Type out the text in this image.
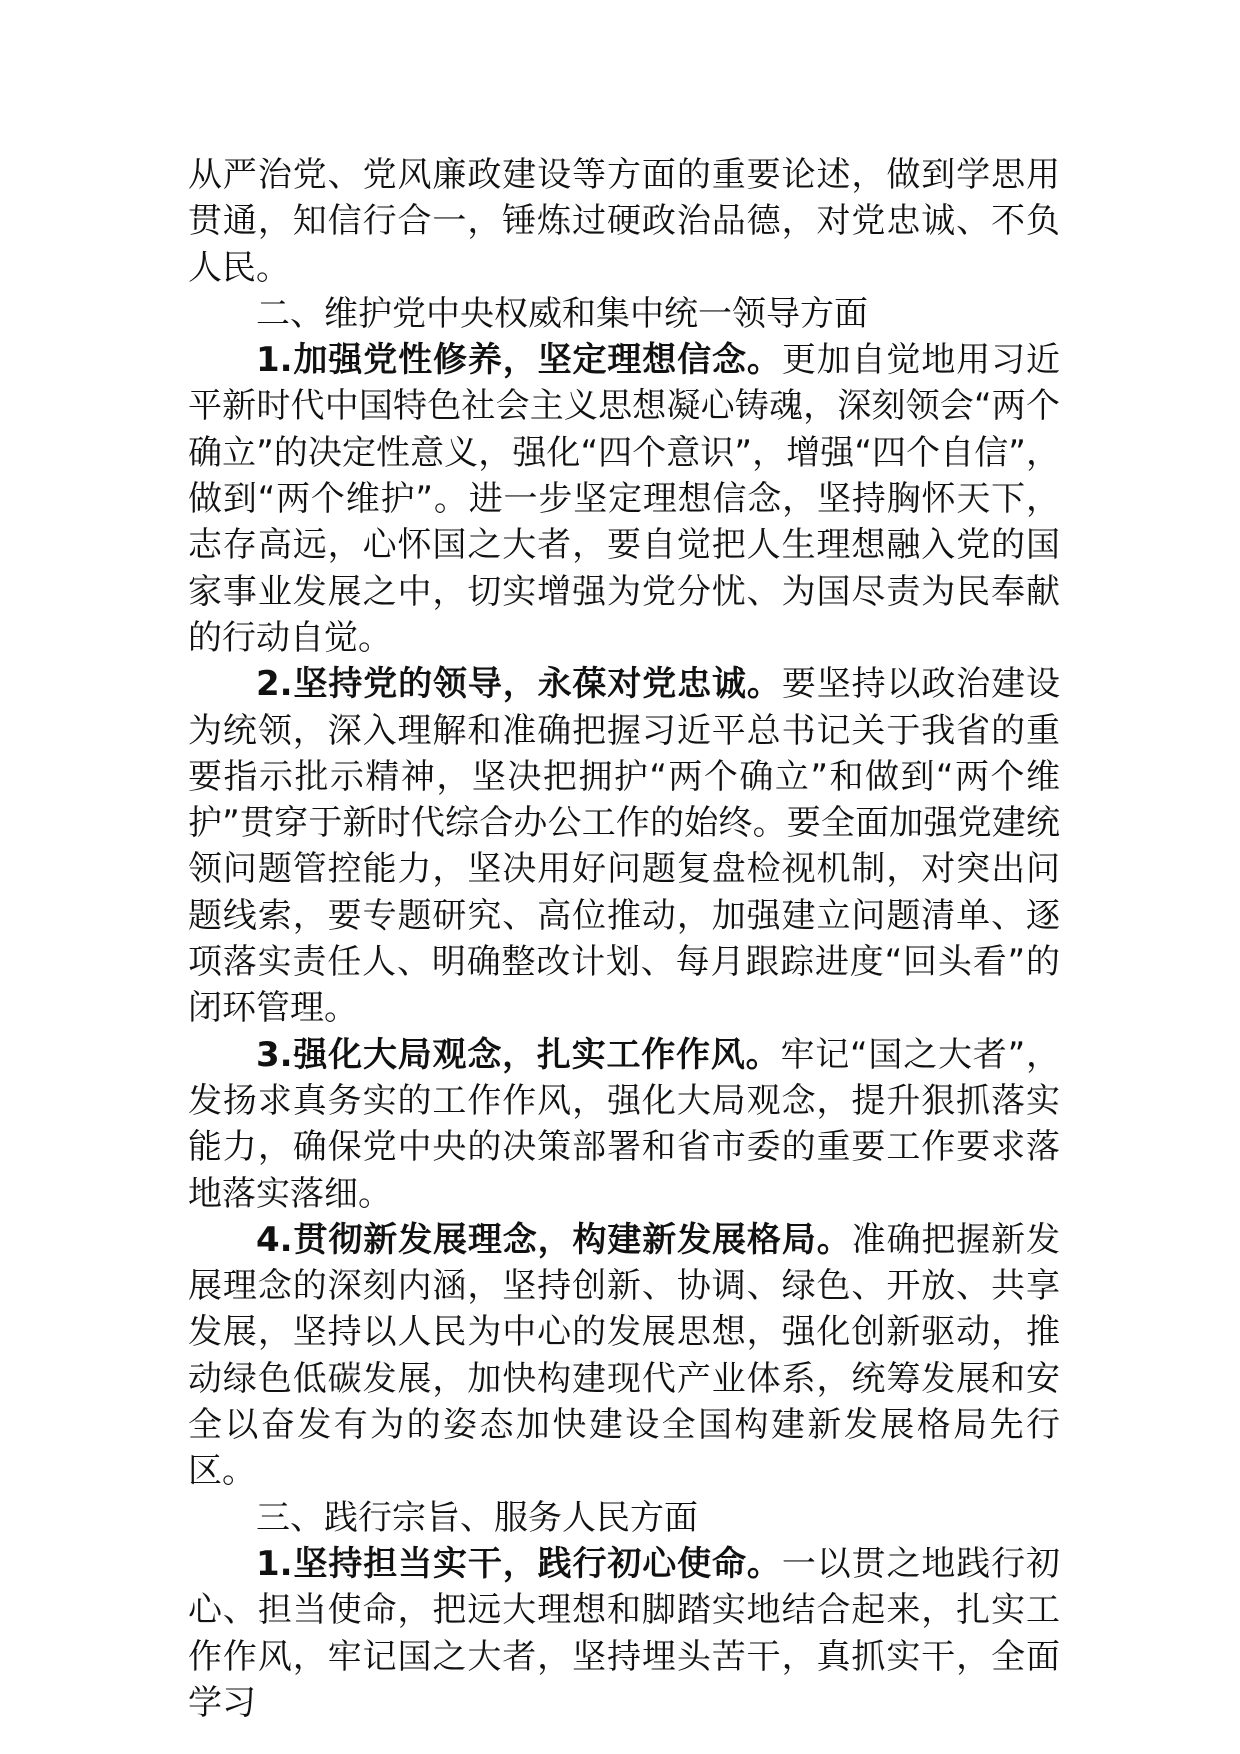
从严治党、党风廉政建设等方面的重要论述，做到学思用贯通，知信行合一，锤炼过硬政治品德，对党忠诚、不负人民。

二、维护党中央权威和集中统一领导方面

1.加强党性修养，坚定理想信念。更加自觉地用习近平新时代中国特色社会主义思想凝心铸魂，深刻领会“两个确立”的决定性意义，强化“四个意识”，增强“四个自信”，做到“两个维护”。进一步坚定理想信念，坚持胸怀天下，志存高远，心怀国之大者，要自觉把人生理想融入党的国家事业发展之中，切实增强为党分忧、为国尽责为民奉献的行动自觉。

2.坚持党的领导，永葆对党忠诚。要坚持以政治建设为统领，深入理解和准确把握习近平总书记关于我省的重要指示批示精神，坚决把拥护“两个确立”和做到“两个维护”贯穿于新时代综合办公工作的始终。要全面加强党建统领问题管控能力，坚决用好问题复盘检视机制，对突出问题线索，要专题研究、高位推动，加强建立问题清单、逐项落实责任人、明确整改计划、每月跟踪进度“回头看”的闭环管理。

3.强化大局观念，扎实工作作风。牢记“国之大者”，发扬求真务实的工作作风，强化大局观念，提升狠抓落实能力，确保党中央的决策部署和省市委的重要工作要求落地落实落细。

4.贯彻新发展理念，构建新发展格局。准确把握新发展理念的深刻内涵，坚持创新、协调、绿色、开放、共享发展，坚持以人民为中心的发展思想，强化创新驱动，推动绿色低碳发展，加快构建现代产业体系，统筹发展和安全以奋发有为的姿态加快建设全国构建新发展格局先行区。

三、践行宗旨、服务人民方面

1.坚持担当实干，践行初心使命。一以贯之地践行初心、担当使命，把远大理想和脚踏实地结合起来，扎实工作作风，牢记国之大者，坚持埋头苦干，真抓实干，全面学习
